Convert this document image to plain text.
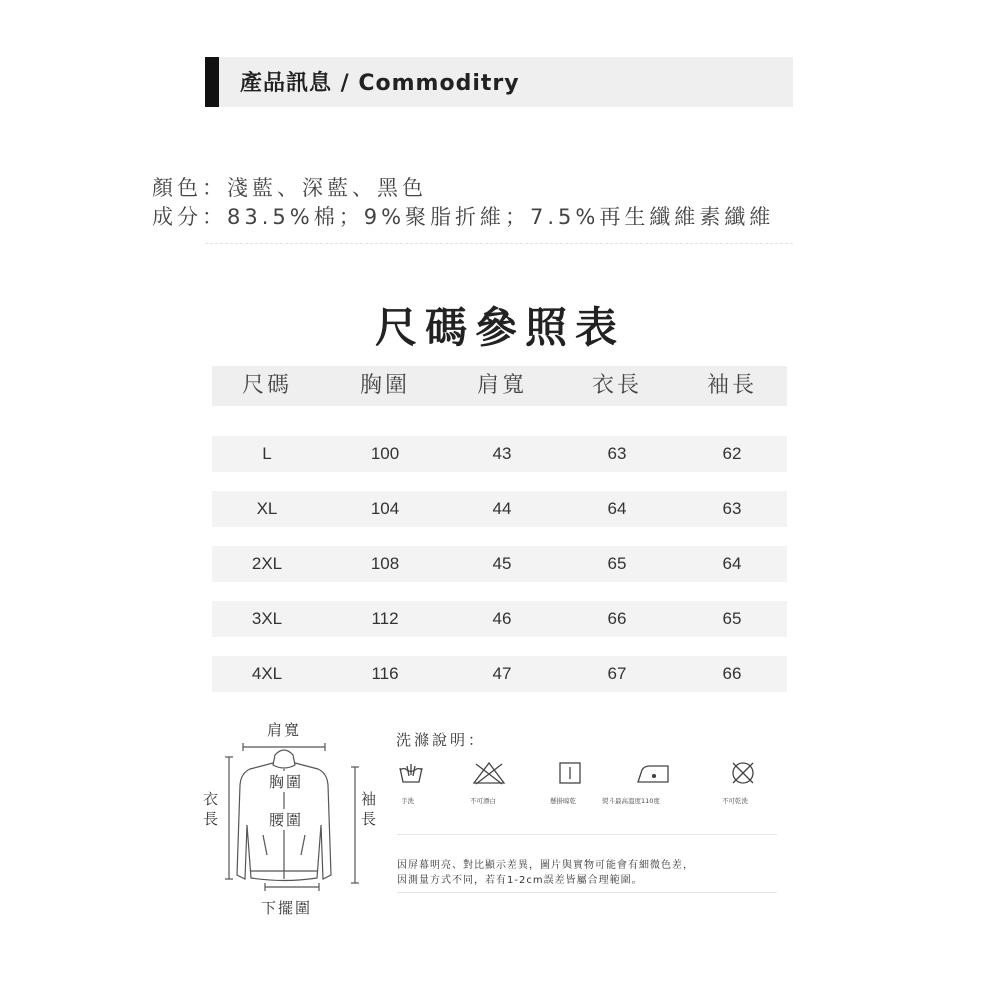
產品訊息 / Commoditry
顏色：淺藍、深藍、黑色
成分：83.5%棉；9%聚脂折維；7.5%再生纖維素纖維
尺碼參照表
尺碼	胸圍	肩寬	衣長	袖長
L	100	43	63	62
XL	104	44	64	63
2XL	108	45	65	64
3XL	112	46	66	65
4XL	116	47	67	66
肩寬
胸圍
腰圍
衣長
袖長
下擺圍
洗滌說明：
手洗	不可漂白	懸掛晾乾	熨斗最高溫度110度	不可乾洗
因屏幕明亮、對比顯示差異，圖片與實物可能會有細微色差，
因測量方式不同，若有1-2cm誤差皆屬合理範圍。
